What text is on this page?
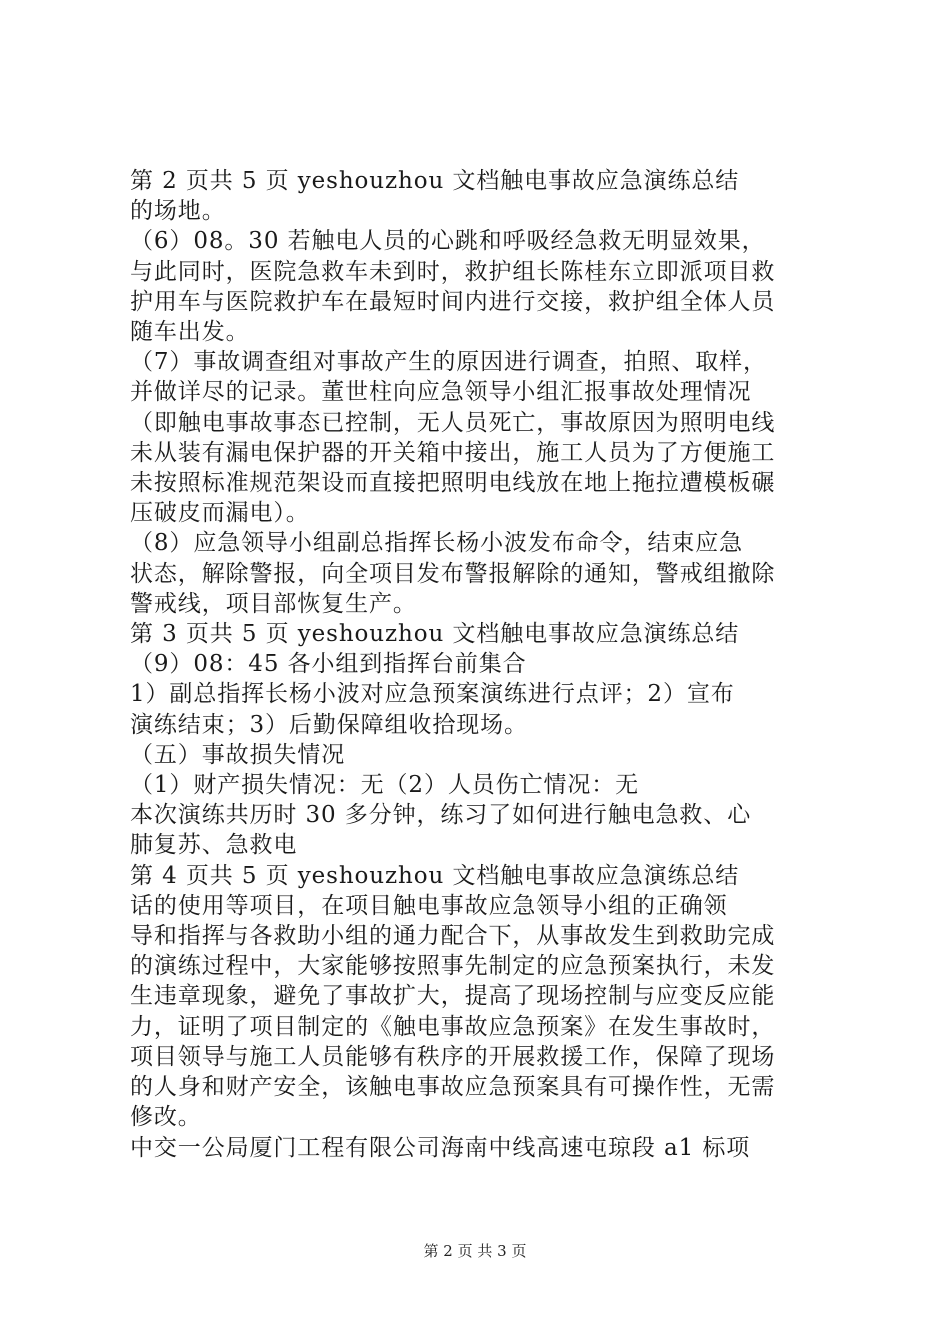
第 2 页共 5 页 yeshouzhou 文档触电事故应急演练总结
的场地。
（6）08。30 若触电人员的心跳和呼吸经急救无明显效果，
与此同时，医院急救车未到时，救护组长陈桂东立即派项目救
护用车与医院救护车在最短时间内进行交接，救护组全体人员
随车出发。
（7）事故调查组对事故产生的原因进行调查，拍照、取样，
并做详尽的记录。董世柱向应急领导小组汇报事故处理情况
（即触电事故事态已控制，无人员死亡，事故原因为照明电线
未从装有漏电保护器的开关箱中接出，施工人员为了方便施工
未按照标准规范架设而直接把照明电线放在地上拖拉遭模板碾
压破皮而漏电）。
（8）应急领导小组副总指挥长杨小波发布命令，结束应急
状态，解除警报，向全项目发布警报解除的通知，警戒组撤除
警戒线，项目部恢复生产。
第 3 页共 5 页 yeshouzhou 文档触电事故应急演练总结
（9）08：45 各小组到指挥台前集合
1）副总指挥长杨小波对应急预案演练进行点评；2）宣布
演练结束；3）后勤保障组收拾现场。
（五）事故损失情况
（1）财产损失情况：无（2）人员伤亡情况：无
本次演练共历时 30 多分钟，练习了如何进行触电急救、心
肺复苏、急救电
第 4 页共 5 页 yeshouzhou 文档触电事故应急演练总结
话的使用等项目，在项目触电事故应急领导小组的正确领
导和指挥与各救助小组的通力配合下，从事故发生到救助完成
的演练过程中，大家能够按照事先制定的应急预案执行，未发
生违章现象，避免了事故扩大，提高了现场控制与应变反应能
力，证明了项目制定的《触电事故应急预案》在发生事故时，
项目领导与施工人员能够有秩序的开展救援工作，保障了现场
的人身和财产安全，该触电事故应急预案具有可操作性，无需
修改。
中交一公局厦门工程有限公司海南中线高速屯琼段 a1 标项
第 2 页 共 3 页
